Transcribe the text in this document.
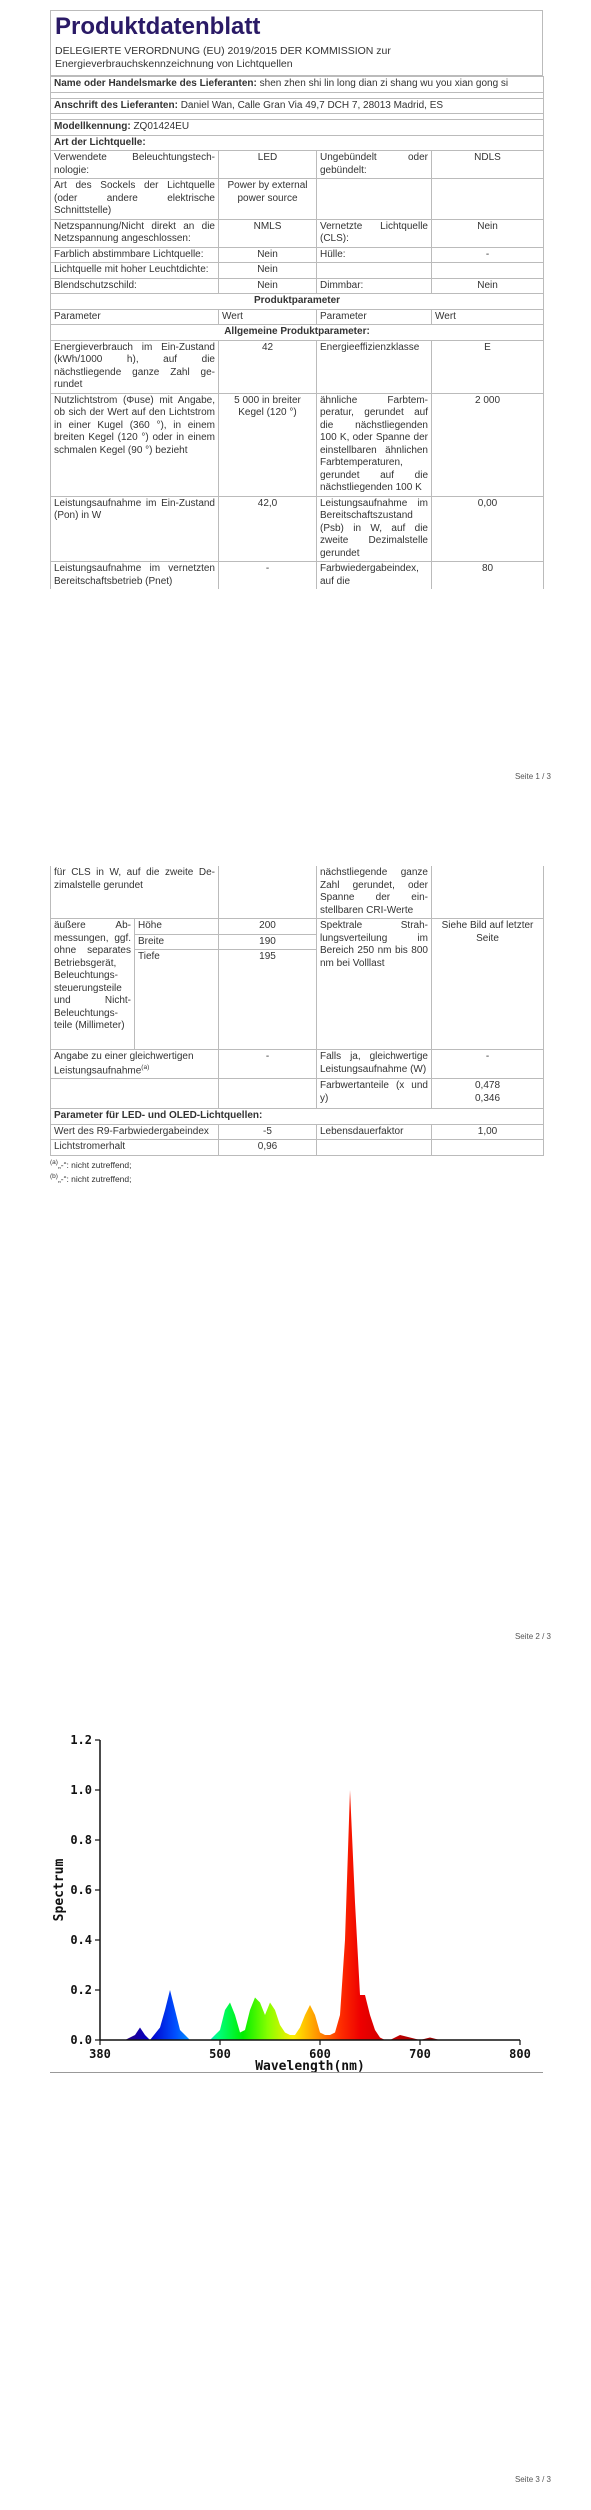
Produktdatenblatt
DELEGIERTE VERORDNUNG (EU) 2019/2015 DER KOMMISSION zur Energieverbrauchskennzeichnung von Lichtquellen
Name oder Handelsmarke des Lieferanten: shen zhen shi lin long dian zi shang wu you xian gong si			

Anschrift des Lieferanten: Daniel Wan, Calle Gran Via 49,7 DCH 7, 28013 Madrid, ES			

Modellkennung: ZQ01424EU			
Art der Lichtquelle:			
Verwendete Beleuchtungstechnologie:	LED	Ungebündelt oder gebündelt:	NDLS
Art des Sockels der Lichtquelle (oder andere elektrische Schnittstelle)	Power by external power source		
Netzspannung/Nicht direkt an die Netzspannung angeschlossen:	NMLS	Vernetzte Lichtquelle (CLS):	Nein
Farblich abstimmbare Lichtquelle:	Nein	Hülle:	-
Lichtquelle mit hoher Leuchtdichte:	Nein		
Blendschutzschild:	Nein	Dimmbar:	Nein
Produktparameter			
Parameter	Wert	Parameter	Wert
Allgemeine Produktparameter:			
Energieverbrauch im Ein-Zustand (kWh/1000 h), auf die nächstliegende ganze Zahl gerundet	42	Energieeffizienzklasse	E
Nutzlichtstrom (Φuse) mit Angabe, ob sich der Wert auf den Lichtstrom in einer Kugel (360 °), in einem breiten Kegel (120 °) oder in einem schmalen Kegel (90 °) bezieht	5 000 in breiter Kegel (120 °)	ähnliche Farbtemperatur, gerundet auf die nächstliegenden 100 K, oder Spanne der einstellbaren ähnlichen Farbtemperaturen, gerundet auf die nächstliegenden 100 K	2 000
Leistungsaufnahme im Ein-Zustand (Pon) in W	42,0	Leistungsaufnahme im Bereitschaftszustand (Psb) in W, auf die zweite Dezimalstelle gerundet	0,00
Leistungsaufnahme im vernetzten Bereitschaftsbetrieb (Pnet)	-	Farbwiedergabeindex, auf die	80
Seite 1 / 3
für CLS in W, auf die zweite Dezimalstelle gerundet			nächstliegende ganze Zahl gerundet, oder Spanne der einstellbaren CRI-Werte	
äußere Abmessungen, ggf. ohne separates Betriebsgerät, Beleuchtungssteuerungsteile und Nicht-Beleuchtungsteile (Millimeter)	Höhe	200	Spektrale Strahlungsverteilung im Bereich 250 nm bis 800 nm bei Volllast	Siehe Bild auf letzter Seite
	Breite	190		
	Tiefe	195		
Angabe zu einer gleichwertigen Leistungsaufnahme$^{(a)}$		-	Falls ja, gleichwertige Leistungsaufnahme (W)	-
			Farbwertanteile (x und y)	0,478
0,346

Parameter für LED- und OLED-Lichtquellen:				
Wert des R9-Farbwiedergabeindex		-5	Lebensdauerfaktor	1,00
Lichtstromerhalt		0,96		
$^{(a)}$„-“: nicht zutreffend;
$^{(b)}$„-“: nicht zutreffend;
Seite 2 / 3
380	500	600	700	800
0.0
0.2
0.4
0.6
0.8
1.0
1.2
Wavelength(nm)
Spectrum
Seite 3 / 3
